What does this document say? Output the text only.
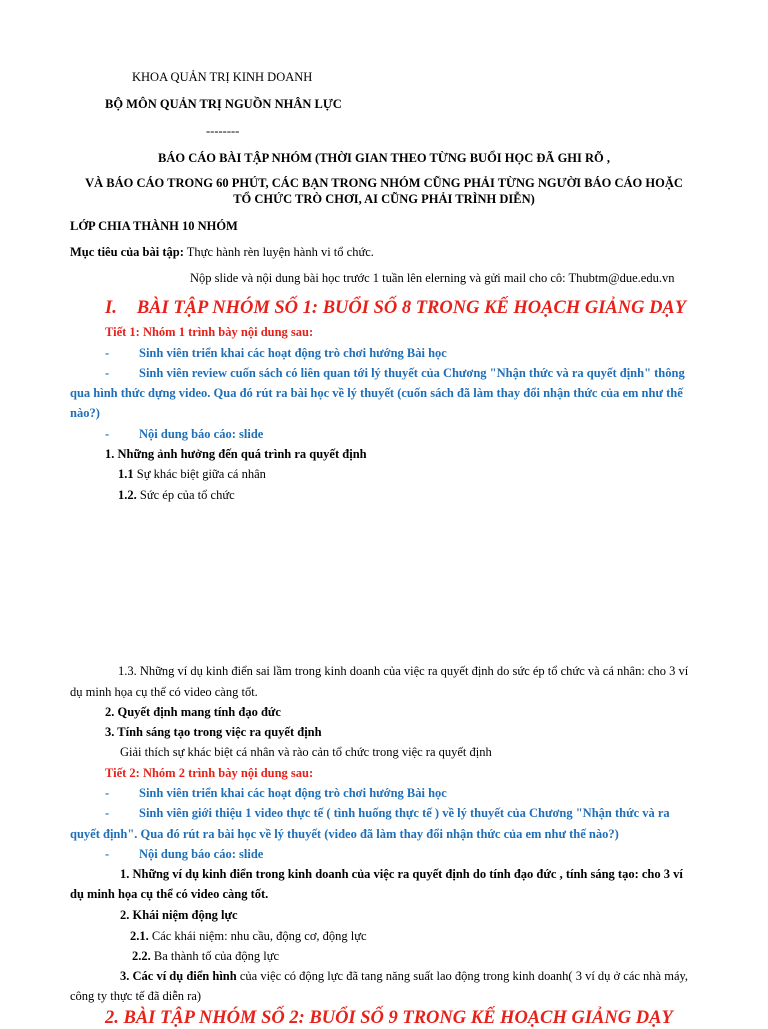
KHOA QUẢN TRỊ KINH DOANH
BỘ MÔN QUẢN TRỊ NGUỒN NHÂN LỰC
--------
BÁO CÁO BÀI TẬP NHÓM (THỜI GIAN THEO TỪNG BUỔI HỌC ĐÃ GHI RÕ ,
VÀ BÁO CÁO TRONG 60 PHÚT, CÁC BẠN TRONG NHÓM CŨNG PHẢI TỪNG NGƯỜI BÁO CÁO HOẶC
TỔ CHỨC TRÒ CHƠI, AI CŨNG PHẢI TRÌNH DIỄN)
LỚP CHIA THÀNH 10 NHÓM
Mục tiêu của bài tập: Thực hành rèn luyện hành vi tổ chức.
Nộp slide và nội dung bài học trước 1 tuần lên elerning và gửi mail cho cô: Thubtm@due.edu.vn
I. BÀI TẬP NHÓM SỐ 1: BUỔI SỐ 8 TRONG KẾ HOẠCH GIẢNG DẠY
Tiết 1: Nhóm 1 trình bày nội dung sau:
- Sinh viên triển khai các hoạt động trò chơi hướng Bài học
- Sinh viên review cuốn sách có liên quan tới lý thuyết của Chương "Nhận thức và ra quyết định" thông
qua hình thức dựng video. Qua đó rút ra bài học về lý thuyết (cuốn sách đã làm thay đổi nhận thức của em như thế nào?)
- Nội dung báo cáo: slide
1. Những ảnh hưởng đến quá trình ra quyết định
1.1 Sự khác biệt giữa cá nhân
1.2. Sức ép của tổ chức
1.3. Những ví dụ kinh điển sai lầm trong kinh doanh của việc ra quyết định do sức ép tổ chức và cá nhân: cho 3 ví
dụ minh họa cụ thể có video càng tốt.
2. Quyết định mang tính đạo đức
3. Tính sáng tạo trong việc ra quyết định
Giải thích sự khác biệt cá nhân và rào cản tổ chức trong việc ra quyết định
Tiết 2: Nhóm 2 trình bày nội dung sau:
- Sinh viên triển khai các hoạt động trò chơi hướng Bài học
- Sinh viên giới thiệu 1 video thực tế ( tình huống thực tế ) về lý thuyết của Chương "Nhận thức và ra
quyết định". Qua đó rút ra bài học về lý thuyết (video đã làm thay đổi nhận thức của em như thế nào?)
- Nội dung báo cáo: slide
1. Những ví dụ kinh điển trong kinh doanh của việc ra quyết định do tính đạo đức , tính sáng tạo: cho 3 ví
dụ minh họa cụ thể có video càng tốt.
2. Khái niệm động lực
2.1. Các khái niệm: nhu cầu, động cơ, động lực
2.2. Ba thành tố của động lực
3. Các ví dụ điển hình của việc có động lực đã tang năng suất lao động trong kinh doanh( 3 ví dụ ở các nhà máy,
công ty thực tế đã diễn ra)
2. BÀI TẬP NHÓM SỐ 2: BUỔI SỐ 9 TRONG KẾ HOẠCH GIẢNG DẠY
